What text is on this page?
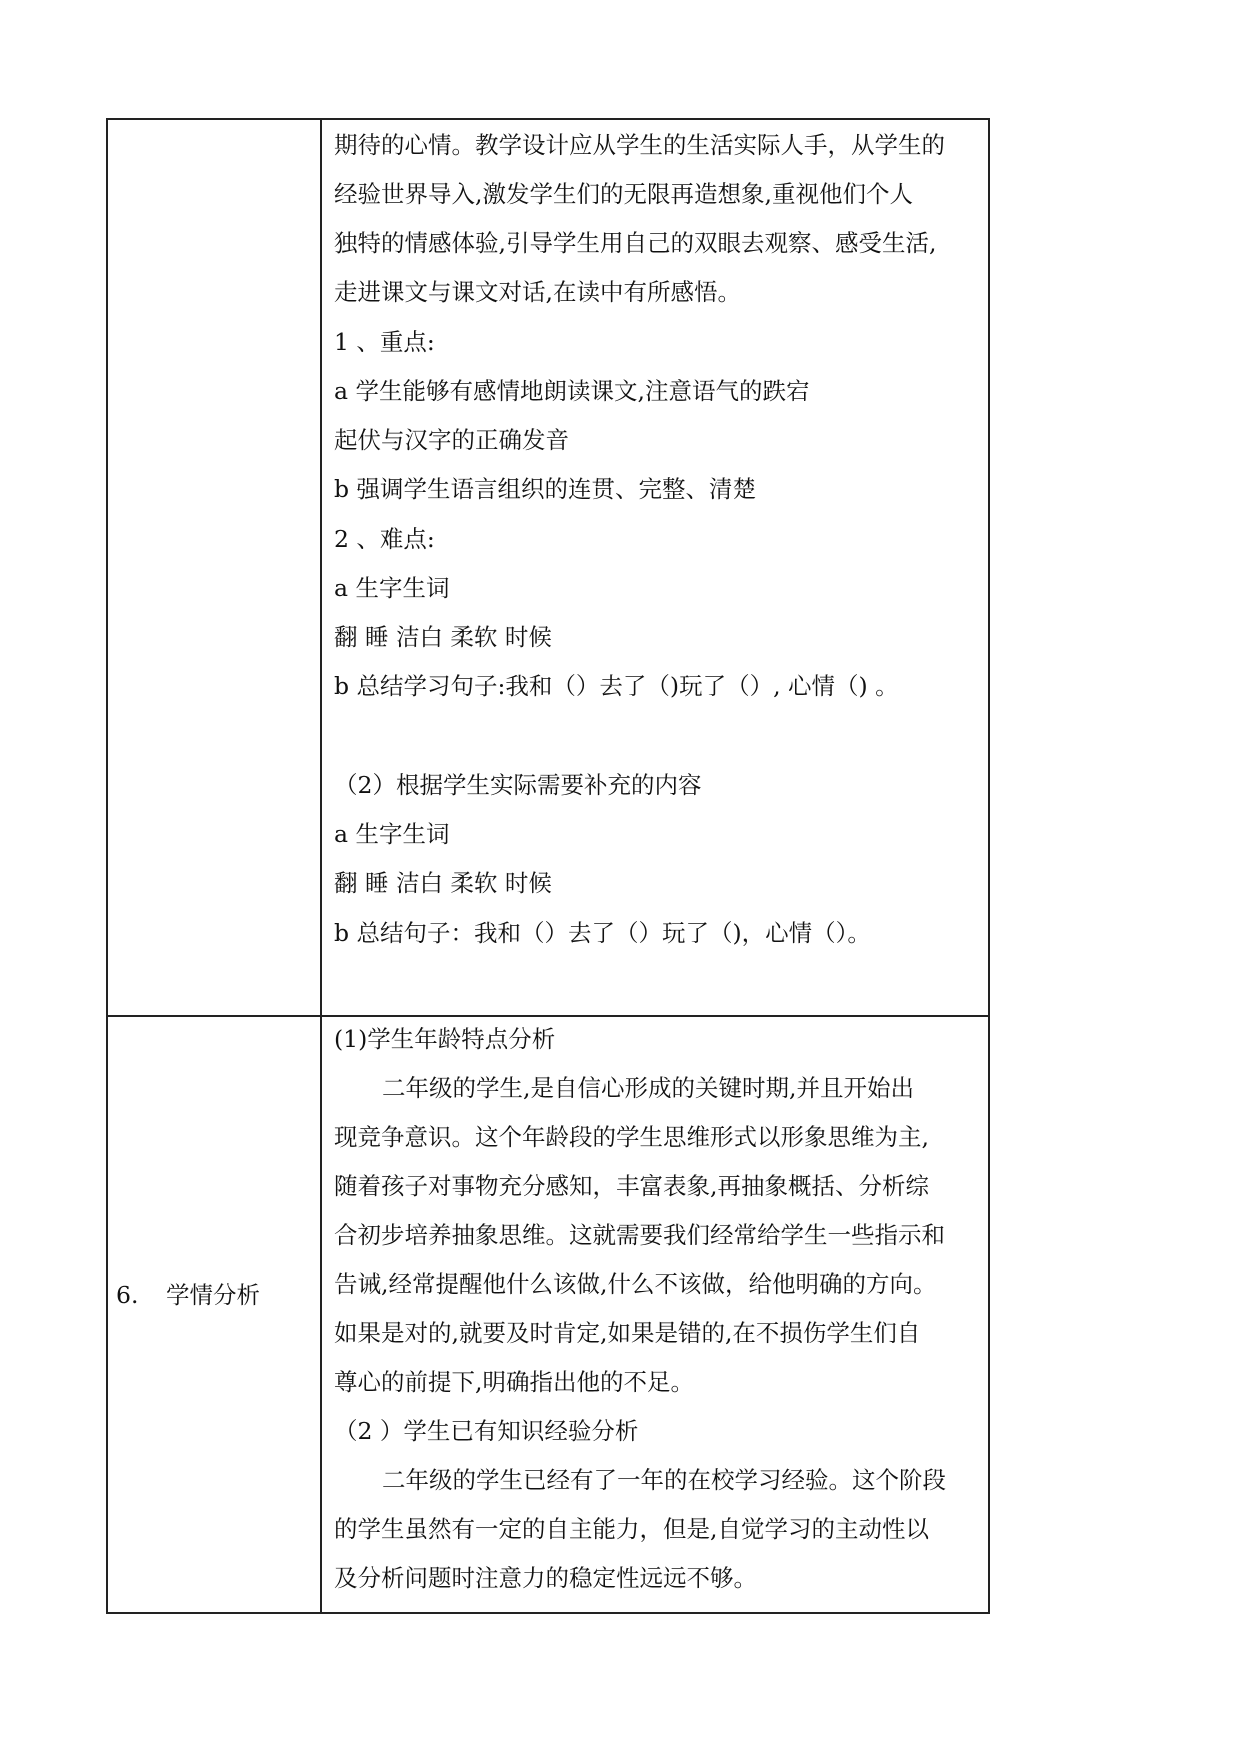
期待的心情。教学设计应从学生的生活实际人手，从学生的
经验世界导入,激发学生们的无限再造想象,重视他们个人
独特的情感体验,引导学生用自己的双眼去观察、感受生活,
走进课文与课文对话,在读中有所感悟。
1 、重点:
a 学生能够有感情地朗读课文,注意语气的跌宕
起伏与汉字的正确发音
b 强调学生语言组织的连贯、完整、清楚
2 、难点:
a 生字生词
翻 睡 洁白 柔软 时候
b 总结学习句子:我和（）去了（)玩了（）, 心情（) 。
（2）根据学生实际需要补充的内容
a 生字生词
翻 睡 洁白 柔软 时候
b 总结句子：我和（）去了（）玩了（)，心情（）。
6. 学情分析
(1)学生年龄特点分析
二年级的学生,是自信心形成的关键时期,并且开始出
现竞争意识。这个年龄段的学生思维形式以形象思维为主,
随着孩子对事物充分感知，丰富表象,再抽象概括、分析综
合初步培养抽象思维。这就需要我们经常给学生一些指示和
告诫,经常提醒他什么该做,什么不该做，给他明确的方向。
如果是对的,就要及时肯定,如果是错的,在不损伤学生们自
尊心的前提下,明确指出他的不足。
（2 ）学生已有知识经验分析
二年级的学生已经有了一年的在校学习经验。这个阶段
的学生虽然有一定的自主能力，但是,自觉学习的主动性以
及分析问题时注意力的稳定性远远不够。
